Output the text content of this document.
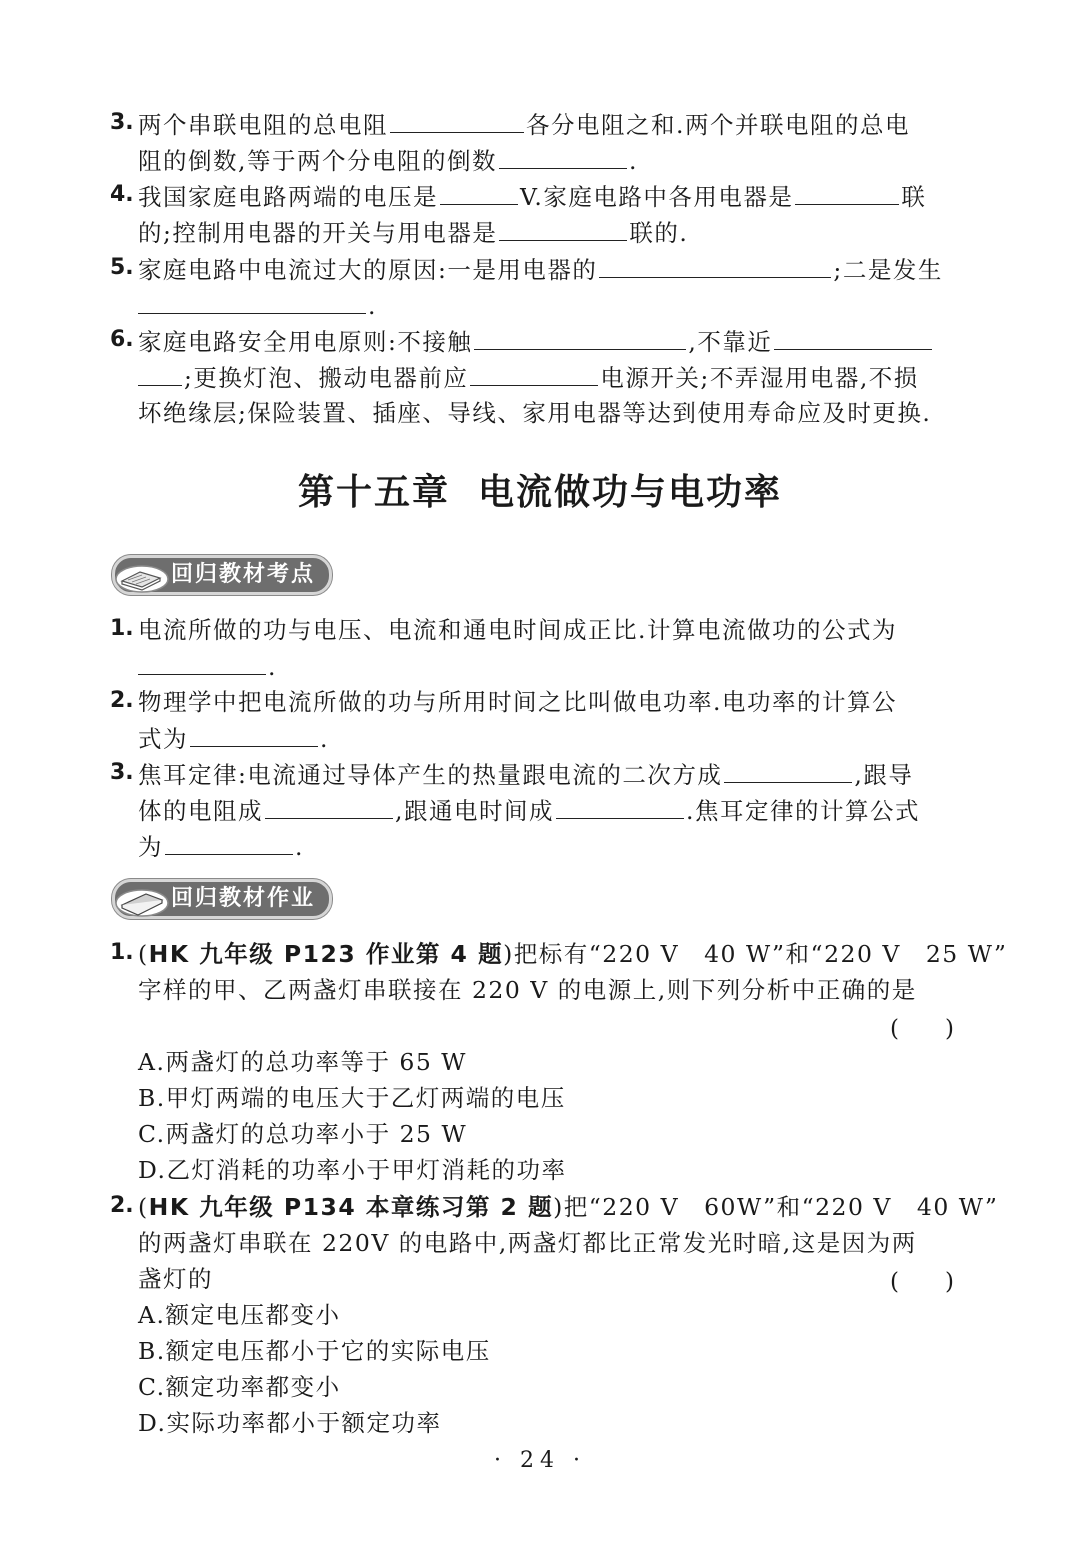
3. 两个串联电阻的总电阻	各分电阻之和.两个并联电阻的总电
阻的倒数,等于两个分电阻的倒数	.
4. 我国家庭电路两端的电压是	V.家庭电路中各用电器是	联
的;控制用电器的开关与用电器是	联的.
5. 家庭电路中电流过大的原因:一是用电器的	;二是发生
.
6. 家庭电路安全用电原则:不接触	,不靠近
;更换灯泡、搬动电器前应	电源开关;不弄湿用电器,不损
坏绝缘层;保险装置、插座、导线、家用电器等达到使用寿命应及时更换.
第十五章 电流做功与电功率
回归教材考点
1. 电流所做的功与电压、电流和通电时间成正比.计算电流做功的公式为
.
2. 物理学中把电流所做的功与所用时间之比叫做电功率.电功率的计算公
式为	.
3. 焦耳定律:电流通过导体产生的热量跟电流的二次方成	,跟导
体的电阻成	,跟通电时间成	.焦耳定律的计算公式
为	.
回归教材作业
1. (HK 九年级 P123 作业第 4 题)把标有“220 V　40 W”和“220 V　25 W”
字样的甲、乙两盏灯串联接在 220 V 的电源上,则下列分析中正确的是
(　　)
A.两盏灯的总功率等于 65 W
B.甲灯两端的电压大于乙灯两端的电压
C.两盏灯的总功率小于 25 W
D.乙灯消耗的功率小于甲灯消耗的功率
2. (HK 九年级 P134 本章练习第 2 题)把“220 V　60W”和“220 V　40 W”
的两盏灯串联在 220V 的电路中,两盏灯都比正常发光时暗,这是因为两
盏灯的	(　　)
A.额定电压都变小
B.额定电压都小于它的实际电压
C.额定功率都变小
D.实际功率都小于额定功率
· 24 ·
